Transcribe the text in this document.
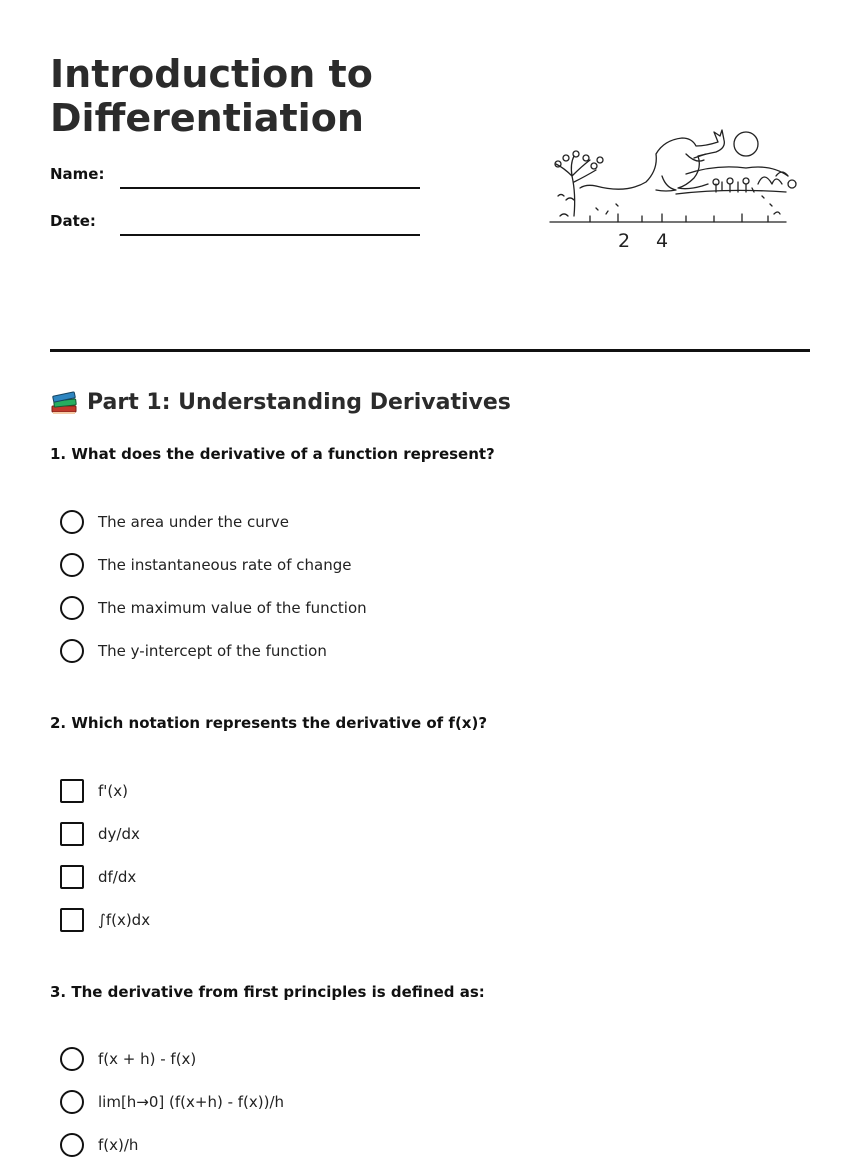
Introduction to
Differentiation
Name:
Date:
2 4
Part 1: Understanding Derivatives

1. What does the derivative of a function represent?

The area under the curve
The instantaneous rate of change
The maximum value of the function
The y-intercept of the function

2. Which notation represents the derivative of f(x)?

f'(x)
dy/dx
df/dx
∫f(x)dx

3. The derivative from first principles is defined as:

f(x + h) - f(x)
lim[h→0] (f(x+h) - f(x))/h
f(x)/h
